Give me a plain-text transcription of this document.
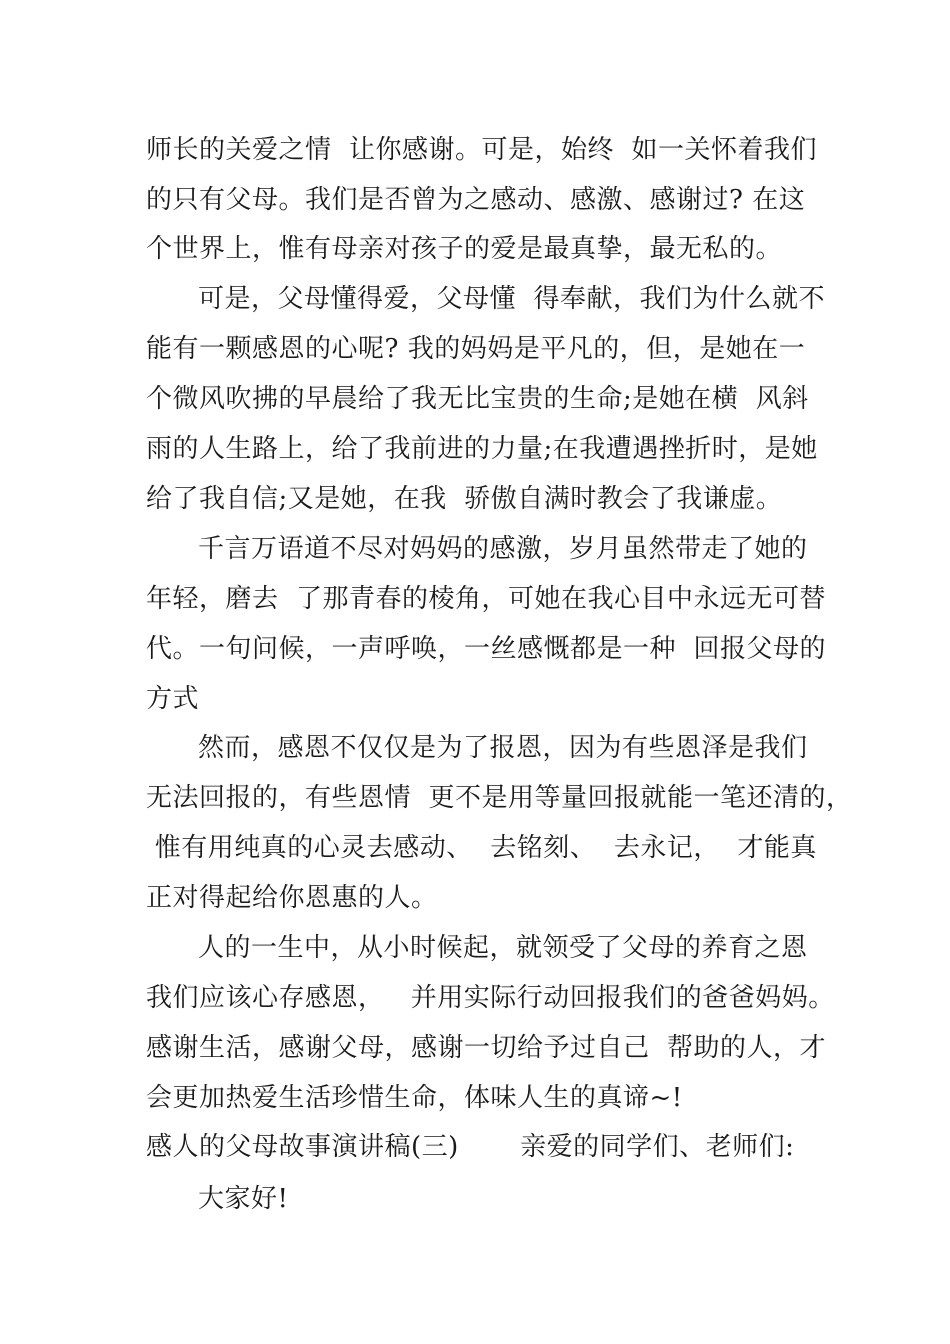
师长的关爱之情  让你感谢。可是，始终  如一关怀着我们
的只有父母。我们是否曾为之感动、感激、感谢过? 在这
个世界上，惟有母亲对孩子的爱是最真挚，最无私的。
可是，父母懂得爱，父母懂  得奉献，我们为什么就不
能有一颗感恩的心呢? 我的妈妈是平凡的，但，是她在一
个微风吹拂的早晨给了我无比宝贵的生命;是她在横  风斜
雨的人生路上，给了我前进的力量;在我遭遇挫折时，是她
给了我自信;又是她，在我  骄傲自满时教会了我谦虚。
千言万语道不尽对妈妈的感激，岁月虽然带走了她的
年轻，磨去  了那青春的棱角，可她在我心目中永远无可替
代。一句问候，一声呼唤，一丝感慨都是一种  回报父母的
方式
然而，感恩不仅仅是为了报恩，因为有些恩泽是我们
无法回报的，有些恩情  更不是用等量回报就能一笔还清的，
惟有用纯真的心灵去感动、  去铭刻、  去永记，  才能真
正对得起给你恩惠的人。
人的一生中，从小时候起，就领受了父母的养育之恩
我们应该心存感恩，   并用实际行动回报我们的爸爸妈妈。
感谢生活，感谢父母，感谢一切给予过自己  帮助的人，才
会更加热爱生活珍惜生命，体味人生的真谛~!
感人的父母故事演讲稿(三)       亲爱的同学们、老师们:
大家好!
